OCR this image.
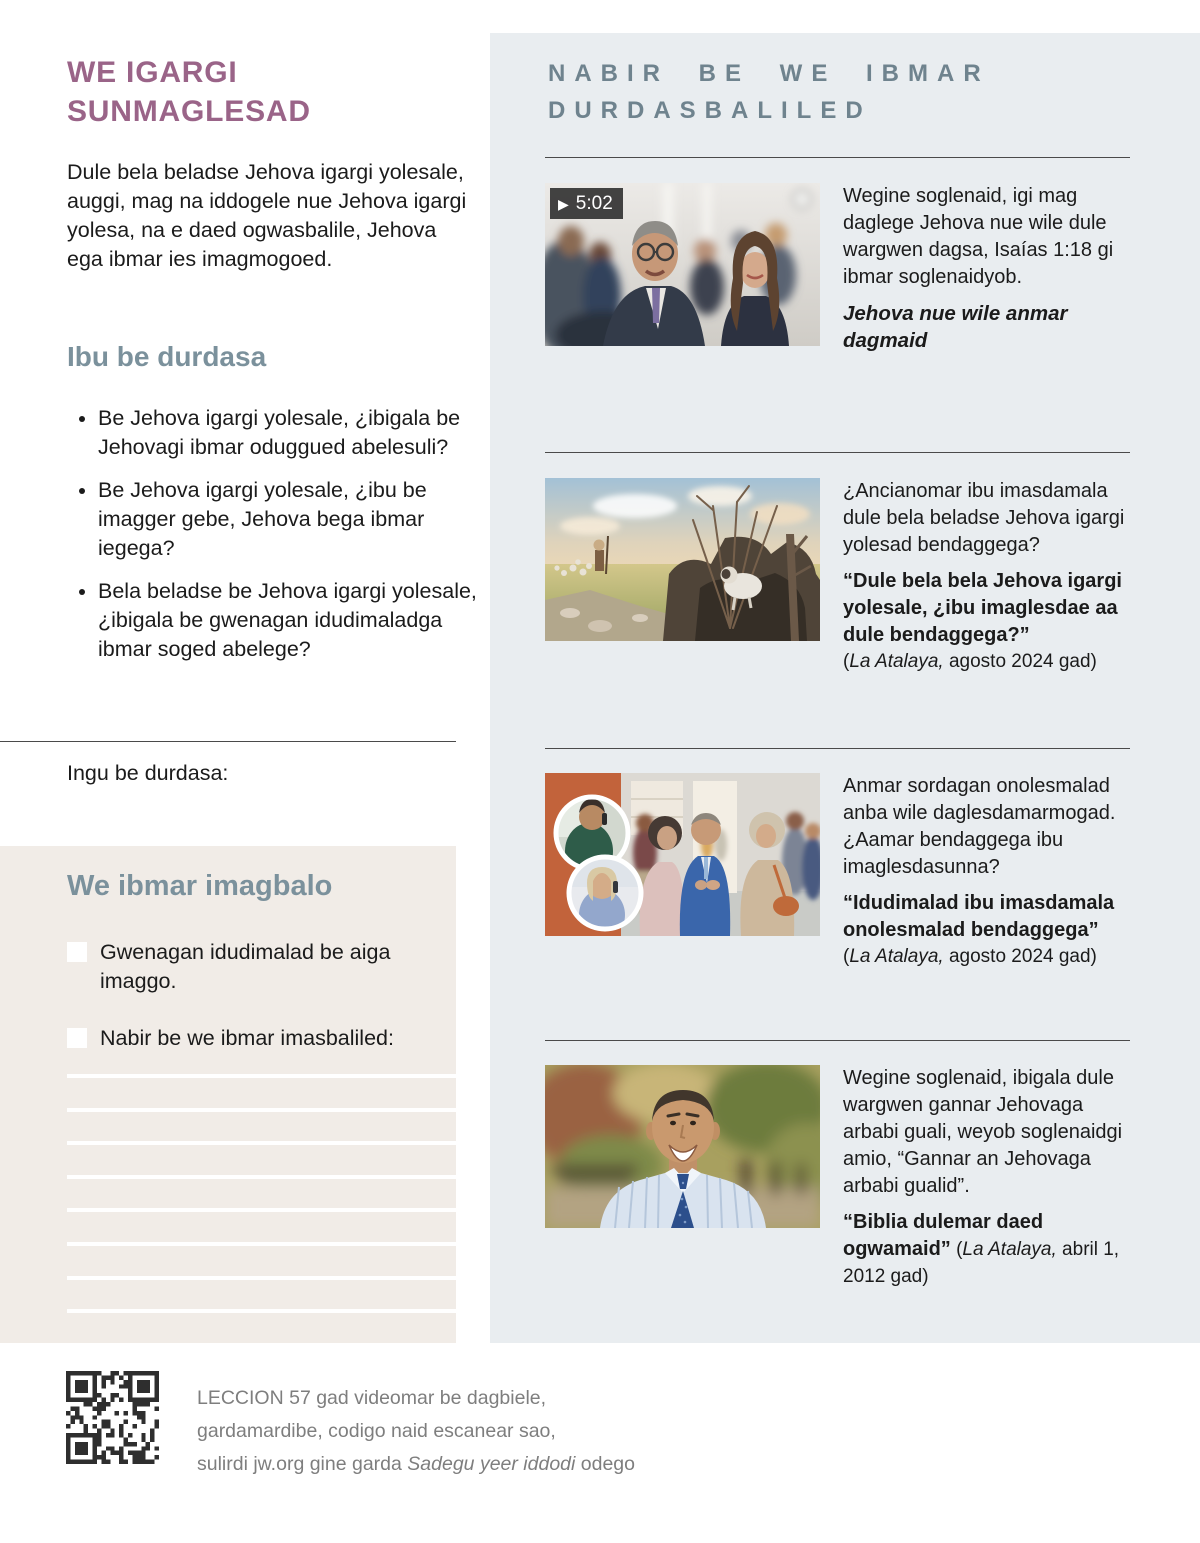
WE IGARGI
SUNMAGLESAD
Dule bela beladse Jehova igargi yolesale, auggi, mag na iddogele nue Jehova igargi yolesa, na e daed ogwasbalile, Jehova ega ibmar ies imagmogoed.
Ibu be durdasa
• Be Jehova igargi yolesale, ¿ibigala be Jehovagi ibmar oduggued abelesuli?
• Be Jehova igargi yolesale, ¿ibu be imagger gebe, Jehova bega ibmar iegega?
• Bela beladse be Jehova igargi yolesale, ¿ibigala be gwenagan idudimaladga ibmar soged abelege?
Ingu be durdasa:
We ibmar imagbalo
Gwenagan idudimalad be aiga imaggo.
Nabir be we ibmar imasbaliled:
NABIR BE WE IBMAR
DURDASBALILED
▶ 5:02	Wegine soglenaid, igi mag daglege Jehova nue wile dule wargwen dagsa, Isaías 1:18 gi ibmar soglenaidyob.
Jehova nue wile anmar dagmaid
¿Ancianomar ibu imasdamala dule bela beladse Jehova igargi yolesad bendaggega?
“Dule bela bela Jehova igargi yolesale, ¿ibu imaglesdae aa dule bendaggega?”
(La Atalaya, agosto 2024 gad)
Anmar sordagan onolesmalad anba wile daglesdamarmogad. ¿Aamar bendaggega ibu imaglesdasunna?
“Idudimalad ibu imasdamala onolesmalad bendaggega”
(La Atalaya, agosto 2024 gad)
Wegine soglenaid, ibigala dule wargwen gannar Jehovaga arbabi guali, weyob soglenaidgi amio, “Gannar an Jehovaga arbabi gualid”.
“Biblia dulemar daed ogwamaid” (La Atalaya, abril 1, 2012 gad)
LECCION 57 gad videomar be dagbiele,
gardamardibe, codigo naid escanear sao,
sulirdi jw.org gine garda Sadegu yeer iddodi odego
